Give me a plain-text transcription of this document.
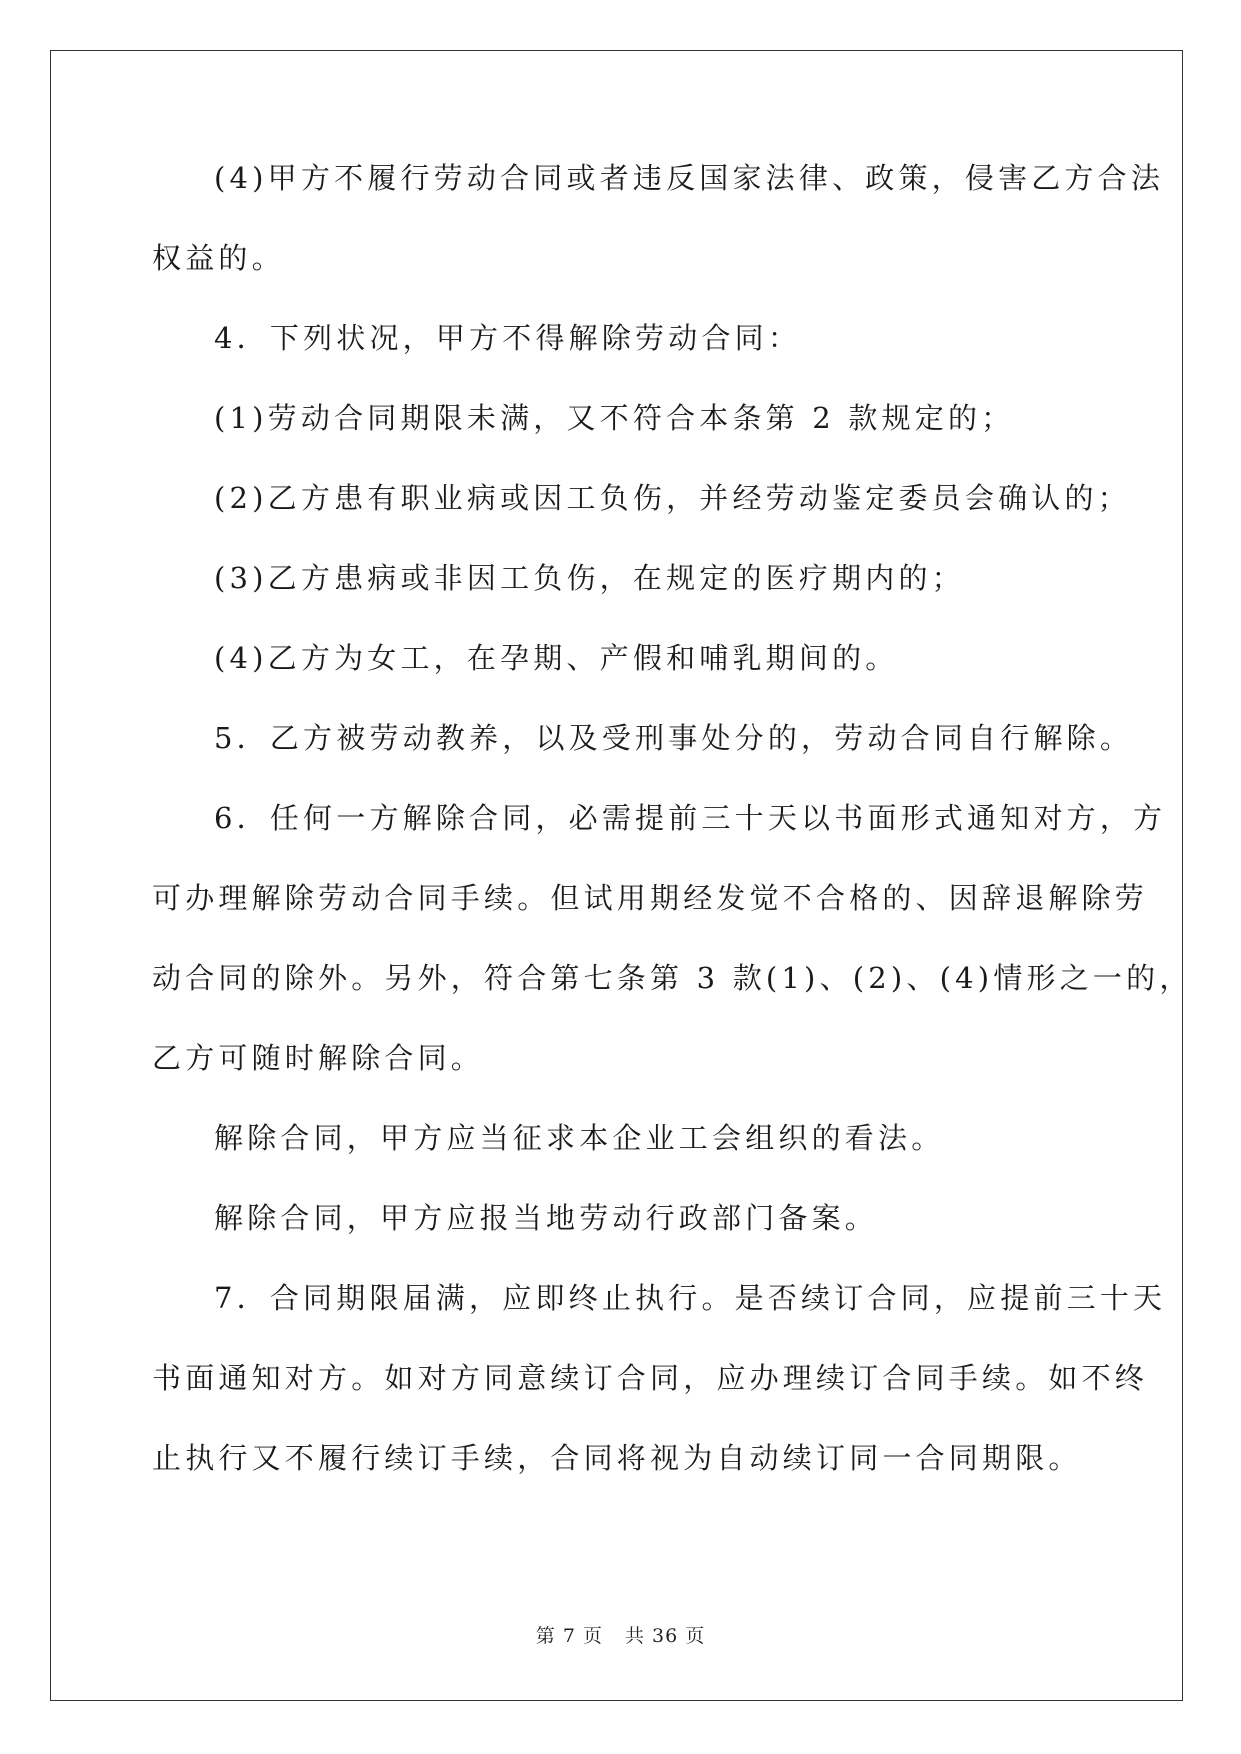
(4)甲方不履行劳动合同或者违反国家法律、政策，侵害乙方合法
权益的。
4．下列状况，甲方不得解除劳动合同：
(1)劳动合同期限未满，又不符合本条第 2 款规定的；
(2)乙方患有职业病或因工负伤，并经劳动鉴定委员会确认的；
(3)乙方患病或非因工负伤，在规定的医疗期内的；
(4)乙方为女工，在孕期、产假和哺乳期间的。
5．乙方被劳动教养，以及受刑事处分的，劳动合同自行解除。
6．任何一方解除合同，必需提前三十天以书面形式通知对方，方
可办理解除劳动合同手续。但试用期经发觉不合格的、因辞退解除劳
动合同的除外。另外，符合第七条第 3 款(1)、(2)、(4)情形之一的，
乙方可随时解除合同。
解除合同，甲方应当征求本企业工会组织的看法。
解除合同，甲方应报当地劳动行政部门备案。
7．合同期限届满，应即终止执行。是否续订合同，应提前三十天
书面通知对方。如对方同意续订合同，应办理续订合同手续。如不终
止执行又不履行续订手续，合同将视为自动续订同一合同期限。
第 7 页 共 36 页
